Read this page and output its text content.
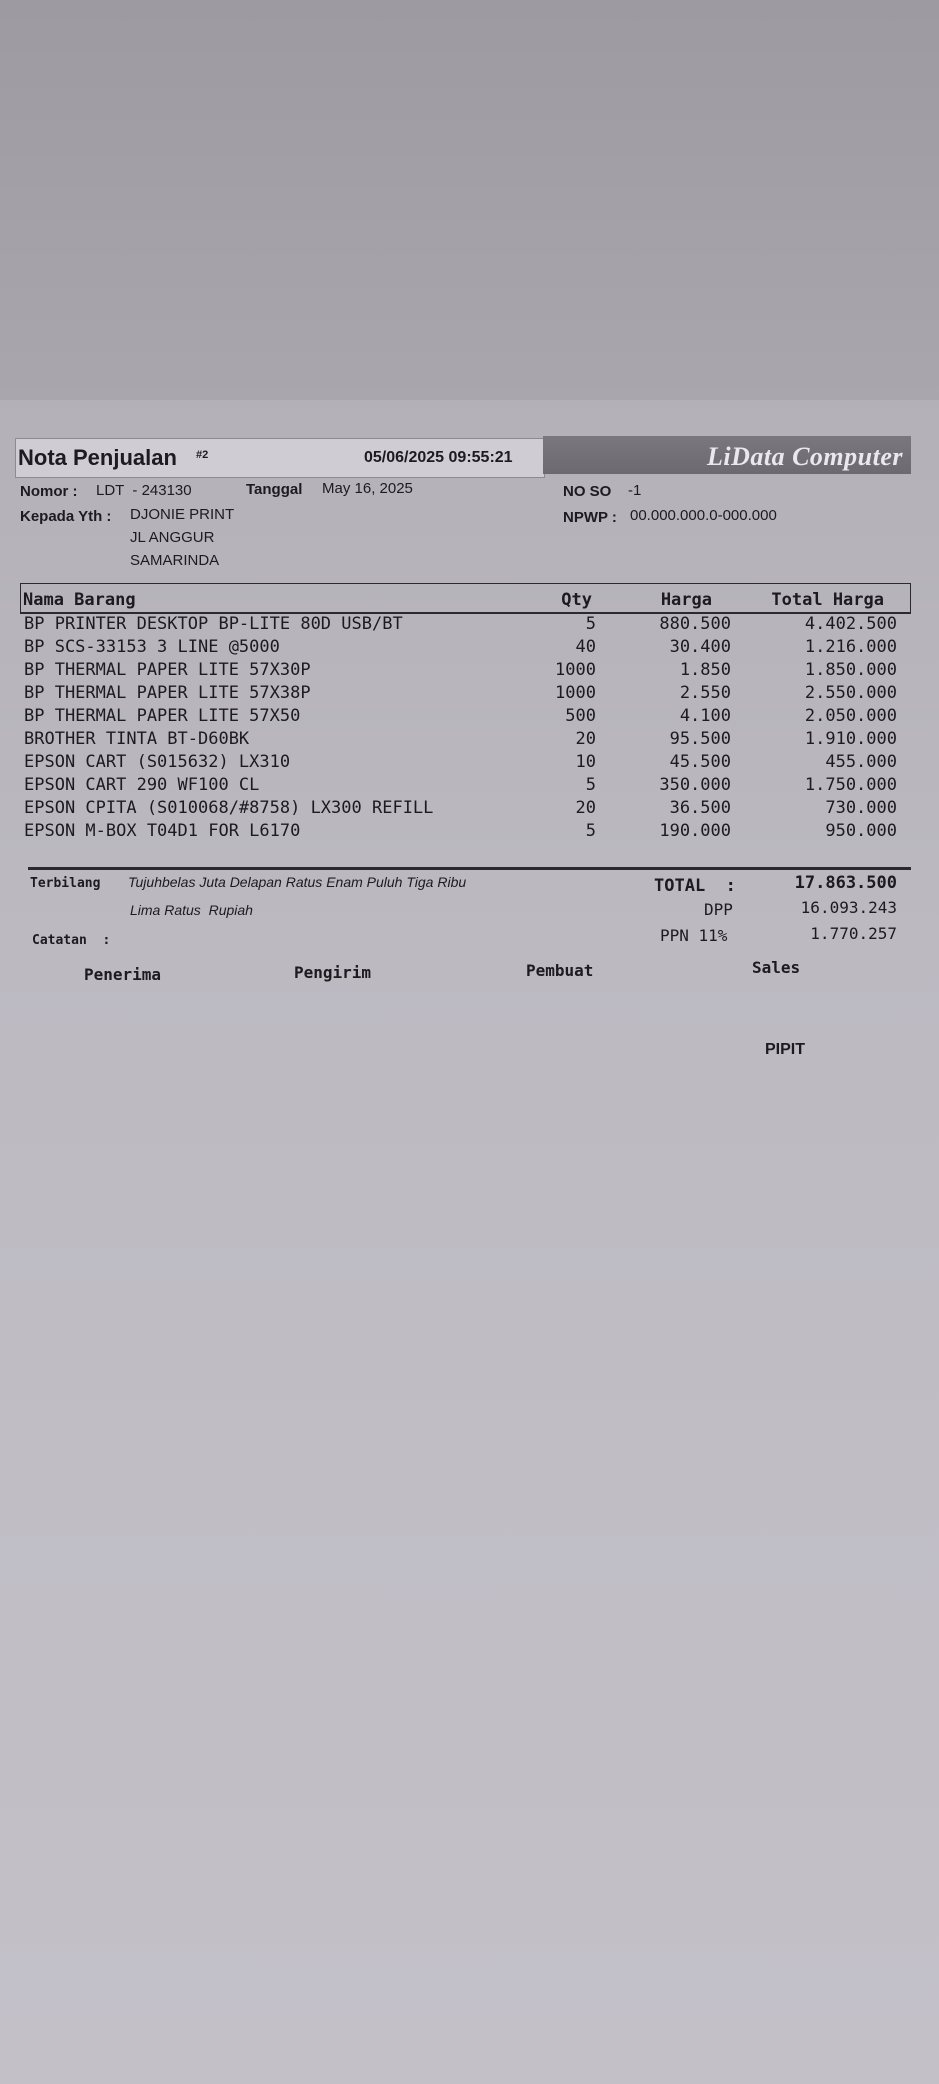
Nota Penjualan #2	05/06/2025 09:55:21	LiData Computer
Nomor : LDT  - 243130	Tanggal May 16, 2025	NO SO -1
Kepada Yth : DJONIE PRINT
JL ANGGUR
SAMARINDA
NPWP : 00.000.000.0-000.000
Nama Barang	Qty	Harga	Total Harga
BP PRINTER DESKTOP BP-LITE 80D USB/BT	5	880.500	4.402.500
BP SCS-33153 3 LINE @5000	40	30.400	1.216.000
BP THERMAL PAPER LITE 57X30P	1000	1.850	1.850.000
BP THERMAL PAPER LITE 57X38P	1000	2.550	2.550.000
BP THERMAL PAPER LITE 57X50	500	4.100	2.050.000
BROTHER TINTA BT-D60BK	20	95.500	1.910.000
EPSON CART (S015632) LX310	10	45.500	455.000
EPSON CART 290 WF100 CL	5	350.000	1.750.000
EPSON CPITA (S010068/#8758) LX300 REFILL	20	36.500	730.000
EPSON M-BOX T04D1 FOR L6170	5	190.000	950.000
Terbilang Tujuhbelas Juta Delapan Ratus Enam Puluh Tiga Ribu
Lima Ratus  Rupiah
TOTAL  :	17.863.500
DPP	16.093.243
PPN 11%	1.770.257
Catatan  :
Penerima	Pengirim	Pembuat	Sales
PIPIT
